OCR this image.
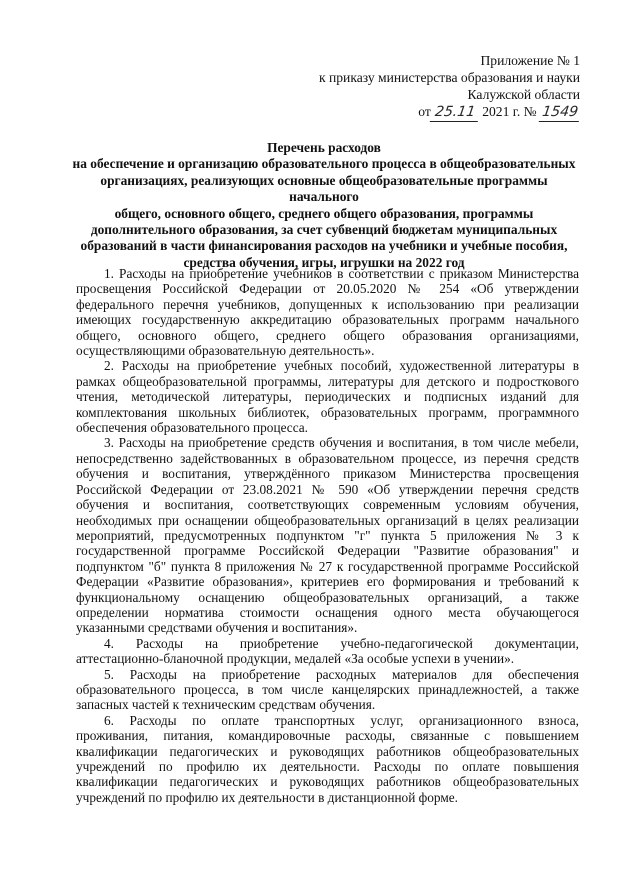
Приложение № 1
к приказу министерства образования и науки
Калужской области
от 25.11 2021 г. № 1549
Перечень расходов
на обеспечение и организацию образовательного процесса в общеобразовательных
организациях, реализующих основные общеобразовательные программы начального
общего, основного общего, среднего общего образования, программы
дополнительного образования, за счет субвенций бюджетам муниципальных
образований в части финансирования расходов на учебники и учебные пособия,
средства обучения, игры, игрушки на 2022 год

1. Расходы на приобретение учебников в соответствии с приказом Министерства
просвещения Российской Федерации от 20.05.2020 № 254 «Об утверждении
федерального перечня учебников, допущенных к использованию при реализации
имеющих государственную аккредитацию образовательных программ начального
общего, основного общего, среднего общего образования организациями,
осуществляющими образовательную деятельность».

2. Расходы на приобретение учебных пособий, художественной литературы в
рамках общеобразовательной программы, литературы для детского и подросткового
чтения, методической литературы, периодических и подписных изданий для
комплектования школьных библиотек, образовательных программ, программного
обеспечения образовательного процесса.

3. Расходы на приобретение средств обучения и воспитания, в том числе мебели,
непосредственно задействованных в образовательном процессе, из перечня средств
обучения и воспитания, утверждённого приказом Министерства просвещения
Российской Федерации от 23.08.2021 № 590 «Об утверждении перечня средств
обучения и воспитания, соответствующих современным условиям обучения,
необходимых при оснащении общеобразовательных организаций в целях реализации
мероприятий, предусмотренных подпунктом "г" пункта 5 приложения № 3 к
государственной программе Российской Федерации "Развитие образования" и
подпунктом "б" пункта 8 приложения № 27 к государственной программе Российской
Федерации «Развитие образования», критериев его формирования и требований к
функциональному оснащению общеобразовательных организаций, а также
определении норматива стоимости оснащения одного места обучающегося
указанными средствами обучения и воспитания».

4. Расходы на приобретение учебно-педагогической документации,
аттестационно-бланочной продукции, медалей «За особые успехи в учении».

5. Расходы на приобретение расходных материалов для обеспечения
образовательного процесса, в том числе канцелярских принадлежностей, а также
запасных частей к техническим средствам обучения.

6. Расходы по оплате транспортных услуг, организационного взноса,
проживания, питания, командировочные расходы, связанные с повышением
квалификации педагогических и руководящих работников общеобразовательных
учреждений по профилю их деятельности. Расходы по оплате повышения
квалификации педагогических и руководящих работников общеобразовательных
учреждений по профилю их деятельности в дистанционной форме.
